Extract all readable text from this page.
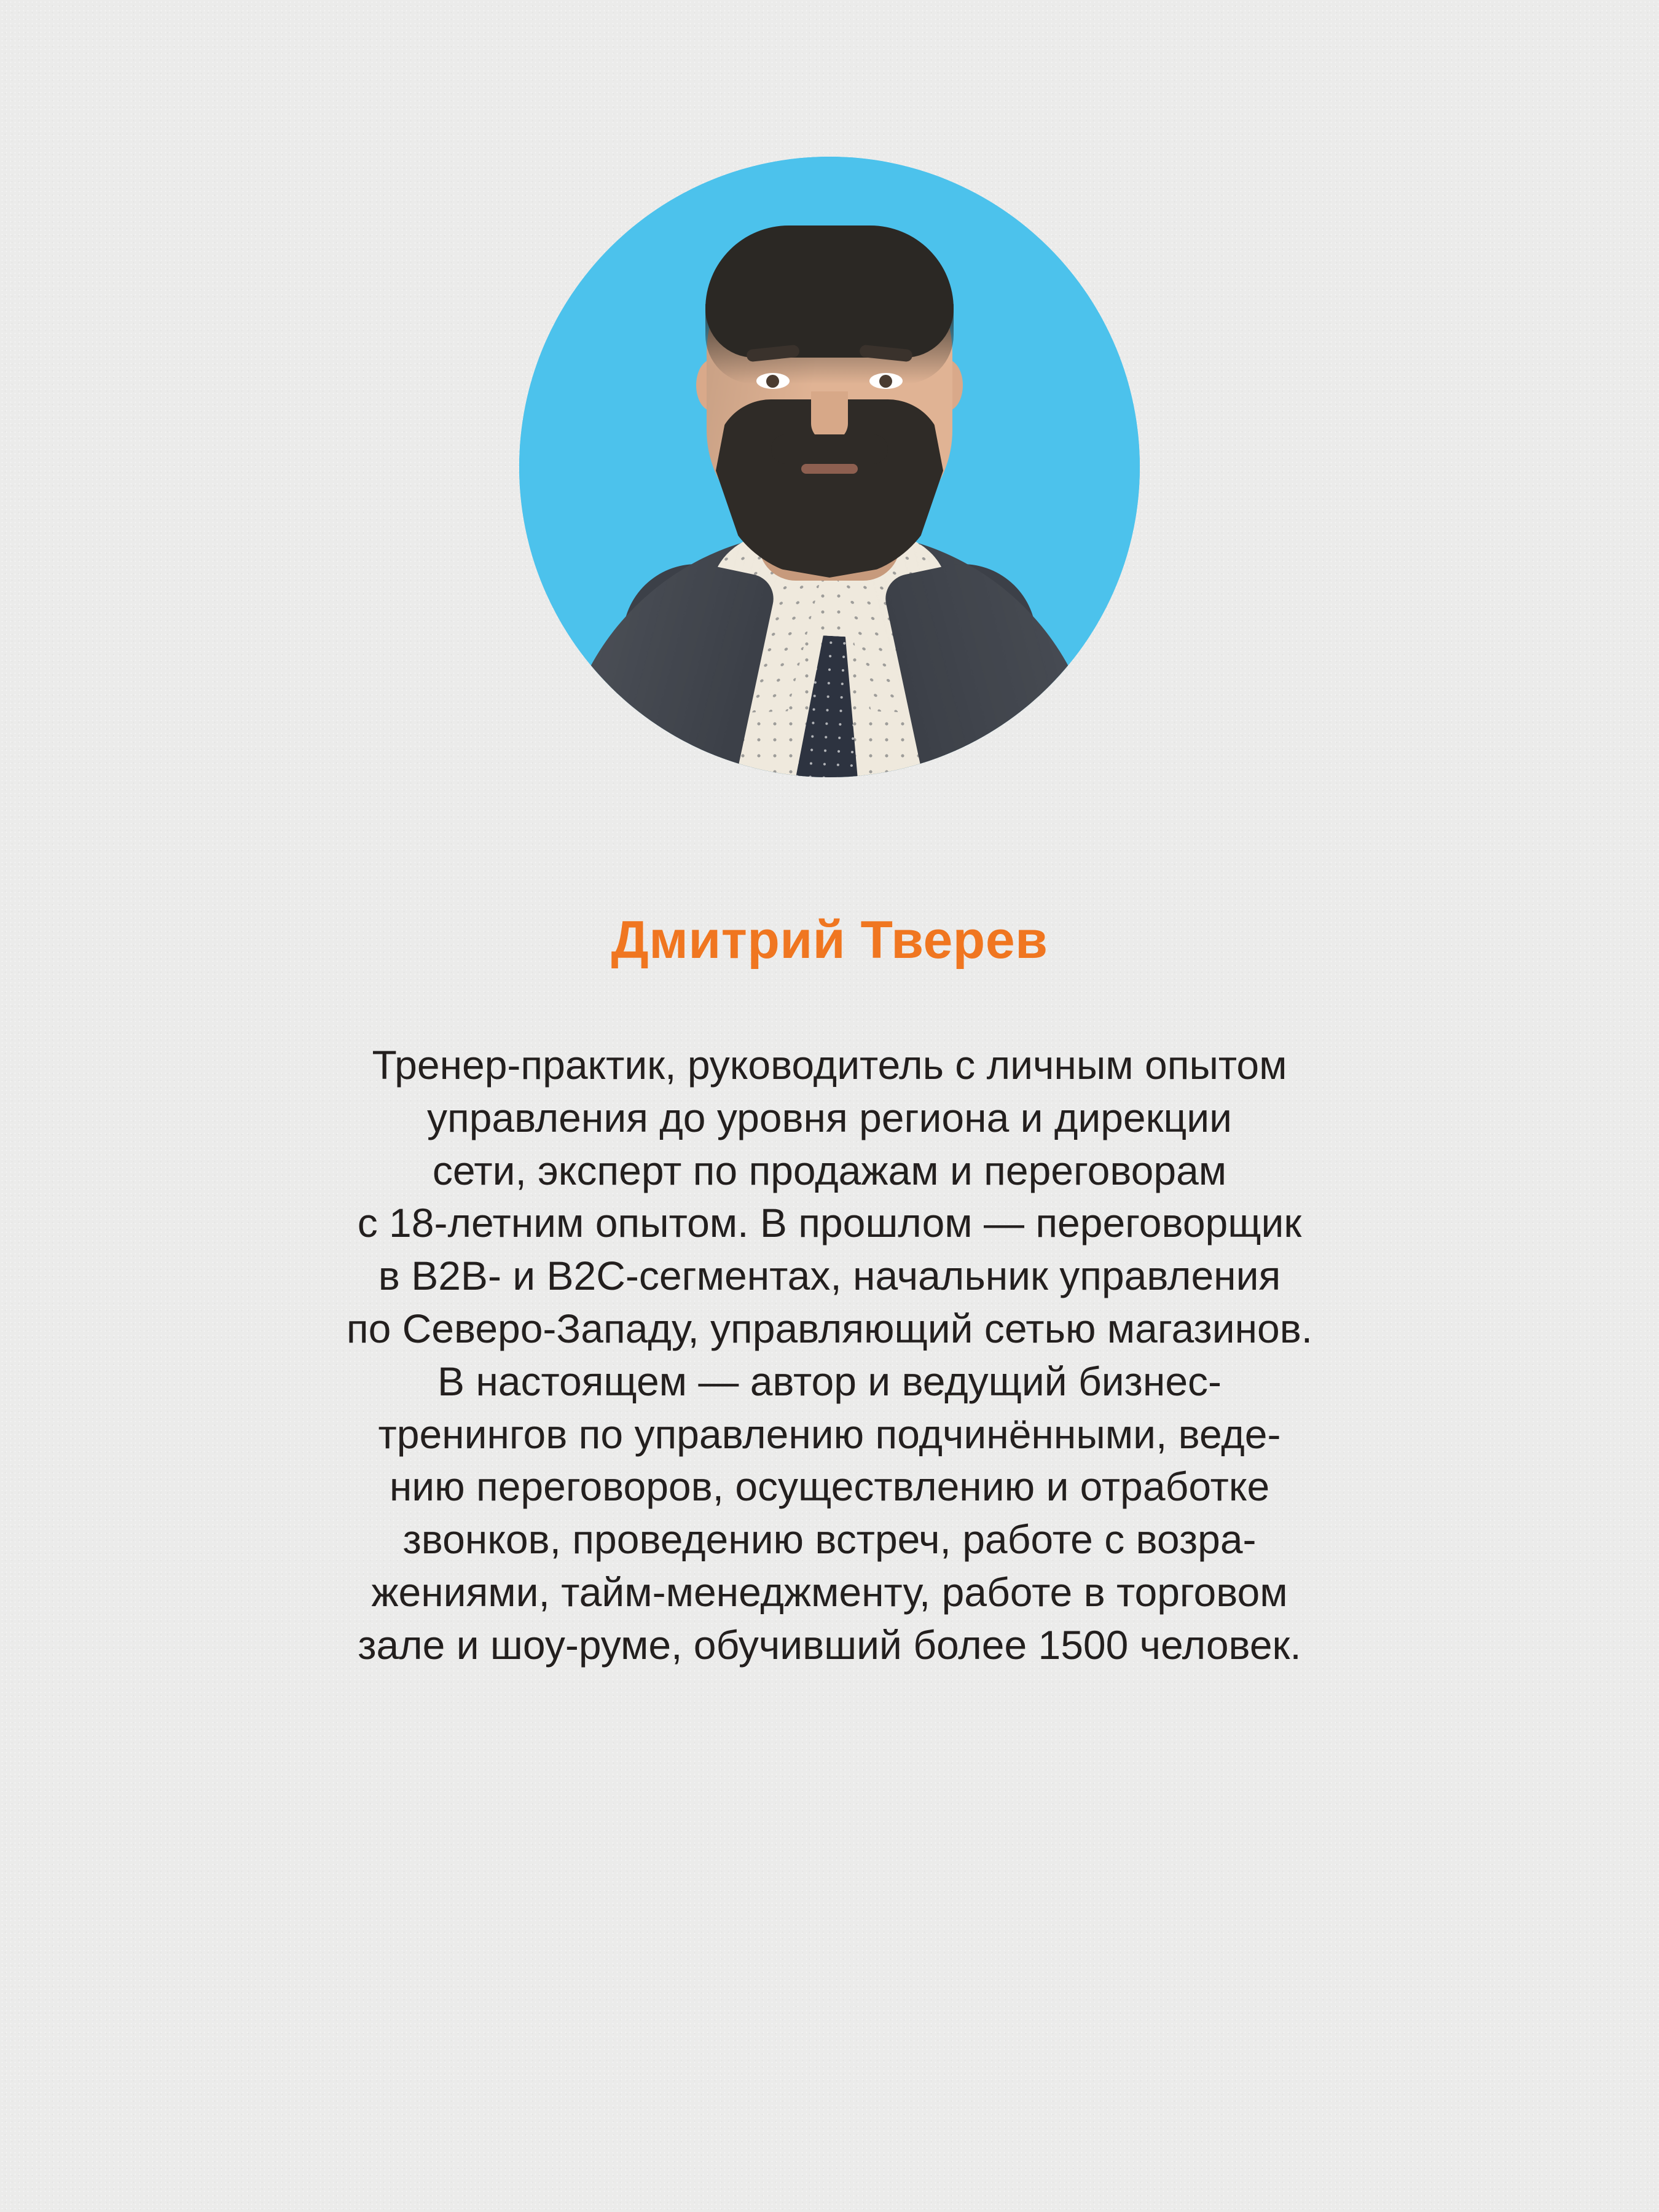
Дмитрий Тверев
Тренер-практик, руководитель с личным опытом
управления до уровня региона и дирекции
сети, эксперт по продажам и переговорам
с 18-летним опытом. В прошлом — переговорщик
в B2B- и B2C-сегментах, начальник управления
по Северо-Западу, управляющий сетью магазинов.
В настоящем — автор и ведущий бизнес-
тренингов по управлению подчинёнными, веде-
нию переговоров, осуществлению и отработке
звонков, проведению встреч, работе с возра-
жениями, тайм-менеджменту, работе в торговом
зале и шоу-руме, обучивший более 1500 человек.
